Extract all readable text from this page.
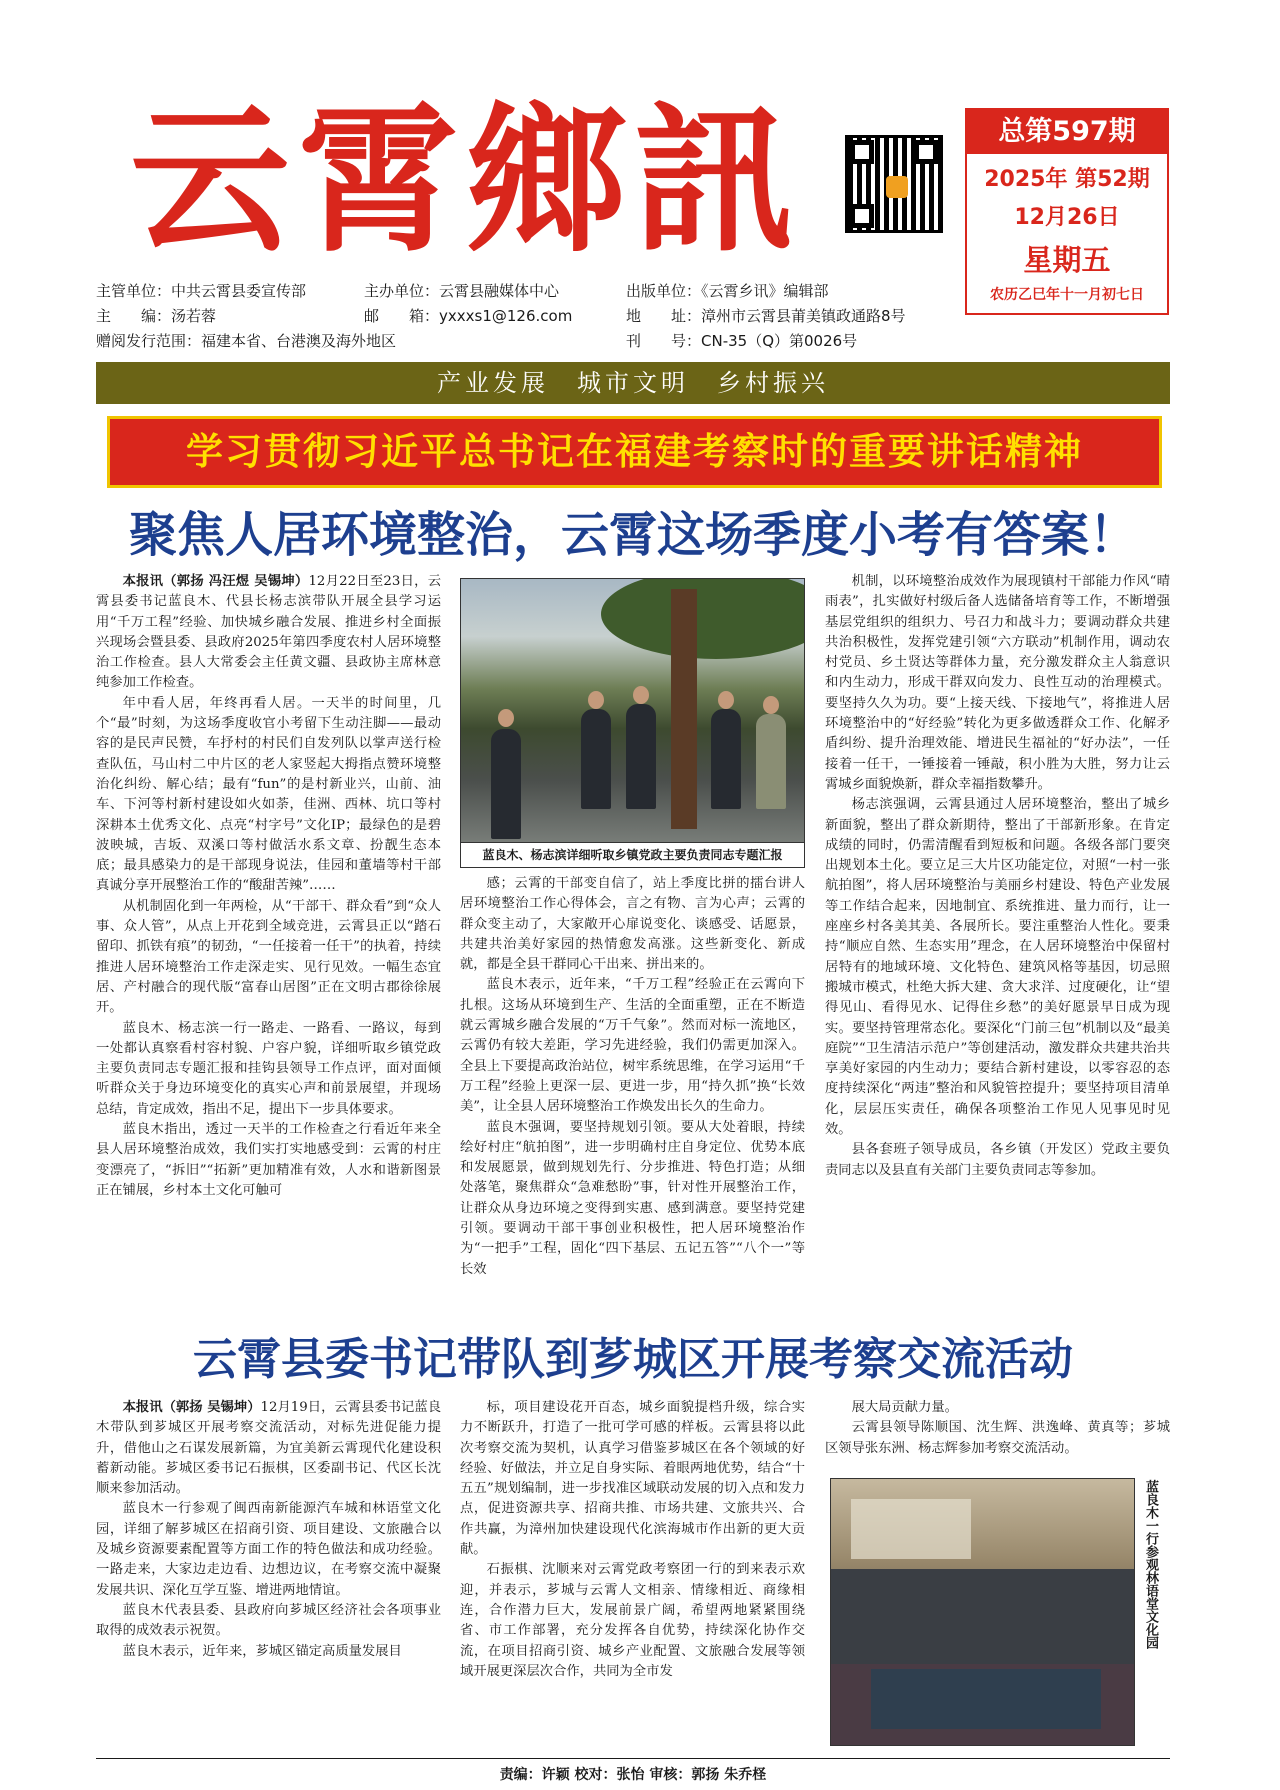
云霄鄉訊	总第597期
2025年 第52期
12月26日
星期五
农历乙巳年十一月初七日
主管单位：中共云霄县委宣传部	主办单位：云霄县融媒体中心	出版单位：《云霄乡讯》编辑部
主　　编：汤若蓉	邮　　箱：yxxxs1@126.com	地　　址：漳州市云霄县莆美镇政通路8号
赠阅发行范围：福建本省、台港澳及海外地区	刊　　号：CN-35（Q）第0026号
产业发展　城市文明　乡村振兴
学习贯彻习近平总书记在福建考察时的重要讲话精神
聚焦人居环境整治，云霄这场季度小考有答案！

本报讯（郭扬 冯汪煜 吴锡坤）12月22日至23日，云霄县委书记蓝良木、代县长杨志滨带队开展全县学习运用“千万工程”经验、加快城乡融合发展、推进乡村全面振兴现场会暨县委、县政府2025年第四季度农村人居环境整治工作检查。县人大常委会主任黄文疆、县政协主席林意纯参加工作检查。

年中看人居，年终再看人居。一天半的时间里，几个“最”时刻，为这场季度收官小考留下生动注脚——最动容的是民声民赞，车抒村的村民们自发列队以掌声送行检查队伍，马山村二中片区的老人家竖起大拇指点赞环境整治化纠纷、解心结；最有“fun”的是村新业兴，山前、油车、下河等村新村建设如火如荼，佳洲、西林、坑口等村深耕本土优秀文化、点亮“村字号”文化IP；最绿色的是碧波映城，吉坂、双溪口等村做活水系文章、扮靓生态本底；最具感染力的是干部现身说法，佳园和董墙等村干部真诚分享开展整治工作的“酸甜苦辣”……

从机制固化到一年两检，从“干部干、群众看”到“众人事、众人管”，从点上开花到全域竞进，云霄县正以“踏石留印、抓铁有痕”的韧劲，“一任接着一任干”的执着，持续推进人居环境整治工作走深走实、见行见效。一幅生态宜居、产村融合的现代版“富春山居图”正在文明古郡徐徐展开。

蓝良木、杨志滨一行一路走、一路看、一路议，每到一处都认真察看村容村貌、户容户貌，详细听取乡镇党政主要负责同志专题汇报和挂钩县领导工作点评，面对面倾听群众关于身边环境变化的真实心声和前景展望，并现场总结，肯定成效，指出不足，提出下一步具体要求。

蓝良木指出，透过一天半的工作检查之行看近年来全县人居环境整治成效，我们实打实地感受到：云霄的村庄变漂亮了，“拆旧”“拓新”更加精准有效，人水和谐新图景正在铺展，乡村本土文化可触可

蓝良木、杨志滨详细听取乡镇党政主要负责同志专题汇报

感；云霄的干部变自信了，站上季度比拼的擂台讲人居环境整治工作心得体会，言之有物、言为心声；云霄的群众变主动了，大家敞开心扉说变化、谈感受、话愿景，共建共治美好家园的热情愈发高涨。这些新变化、新成就，都是全县干群同心干出来、拼出来的。

蓝良木表示，近年来，“千万工程”经验正在云霄向下扎根。这场从环境到生产、生活的全面重塑，正在不断造就云霄城乡融合发展的“万千气象”。然而对标一流地区，云霄仍有较大差距，学习先进经验，我们仍需更加深入。全县上下要提高政治站位，树牢系统思维，在学习运用“千万工程”经验上更深一层、更进一步，用“持久抓”换“长效美”，让全县人居环境整治工作焕发出长久的生命力。

蓝良木强调，要坚持规划引领。要从大处着眼，持续绘好村庄“航拍图”，进一步明确村庄自身定位、优势本底和发展愿景，做到规划先行、分步推进、特色打造；从细处落笔，聚焦群众“急难愁盼”事，针对性开展整治工作，让群众从身边环境之变得到实惠、感到满意。要坚持党建引领。要调动干部干事创业积极性，把人居环境整治作为“一把手”工程，固化“四下基层、五记五答”“八个一”等长效

机制，以环境整治成效作为展现镇村干部能力作风“晴雨表”，扎实做好村级后备人选储备培育等工作，不断增强基层党组织的组织力、号召力和战斗力；要调动群众共建共治积极性，发挥党建引领“六方联动”机制作用，调动农村党员、乡土贤达等群体力量，充分激发群众主人翁意识和内生动力，形成干群双向发力、良性互动的治理模式。要坚持久久为功。要“上接天线、下接地气”，将推进人居环境整治中的“好经验”转化为更多做透群众工作、化解矛盾纠纷、提升治理效能、增进民生福祉的“好办法”，一任接着一任干，一锤接着一锤敲，积小胜为大胜，努力让云霄城乡面貌焕新，群众幸福指数攀升。

杨志滨强调，云霄县通过人居环境整治，整出了城乡新面貌，整出了群众新期待，整出了干部新形象。在肯定成绩的同时，仍需清醒看到短板和问题。各级各部门要突出规划本土化。要立足三大片区功能定位，对照“一村一张航拍图”，将人居环境整治与美丽乡村建设、特色产业发展等工作结合起来，因地制宜、系统推进、量力而行，让一座座乡村各美其美、各展所长。要注重整治人性化。要秉持“顺应自然、生态实用”理念，在人居环境整治中保留村居特有的地域环境、文化特色、建筑风格等基因，切忌照搬城市模式，杜绝大拆大建、贪大求洋、过度硬化，让“望得见山、看得见水、记得住乡愁”的美好愿景早日成为现实。要坚持管理常态化。要深化“门前三包”机制以及“最美庭院”“卫生清洁示范户”等创建活动，激发群众共建共治共享美好家园的内生动力；要结合新村建设，以零容忍的态度持续深化“两违”整治和风貌管控提升；要坚持项目清单化，层层压实责任，确保各项整治工作见人见事见时见效。

县各套班子领导成员，各乡镇（开发区）党政主要负责同志以及县直有关部门主要负责同志等参加。

云霄县委书记带队到芗城区开展考察交流活动

本报讯（郭扬 吴锡坤）12月19日，云霄县委书记蓝良木带队到芗城区开展考察交流活动，对标先进促能力提升，借他山之石谋发展新篇，为宜美新云霄现代化建设积蓄新动能。芗城区委书记石振棋，区委副书记、代区长沈顺来参加活动。

蓝良木一行参观了闽西南新能源汽车城和林语堂文化园，详细了解芗城区在招商引资、项目建设、文旅融合以及城乡资源要素配置等方面工作的特色做法和成功经验。一路走来，大家边走边看、边想边议，在考察交流中凝聚发展共识、深化互学互鉴、增进两地情谊。

蓝良木代表县委、县政府向芗城区经济社会各项事业取得的成效表示祝贺。

蓝良木表示，近年来，芗城区锚定高质量发展目

标，项目建设花开百态，城乡面貌提档升级，综合实力不断跃升，打造了一批可学可感的样板。云霄县将以此次考察交流为契机，认真学习借鉴芗城区在各个领域的好经验、好做法，并立足自身实际、着眼两地优势，结合“十五五”规划编制，进一步找准区域联动发展的切入点和发力点，促进资源共享、招商共推、市场共建、文旅共兴、合作共赢，为漳州加快建设现代化滨海城市作出新的更大贡献。

石振棋、沈顺来对云霄党政考察团一行的到来表示欢迎，并表示，芗城与云霄人文相亲、情缘相近、商缘相连，合作潜力巨大，发展前景广阔，希望两地紧紧围绕省、市工作部署，充分发挥各自优势，持续深化协作交流，在项目招商引资、城乡产业配置、文旅融合发展等领域开展更深层次合作，共同为全市发

展大局贡献力量。

云霄县领导陈顺国、沈生辉、洪逸峰、黄真等；芗城区领导张东洲、杨志辉参加考察交流活动。

蓝良木一行参观林语堂文化园
责编：许颖 校对：张怡 审核：郭扬 朱乔柽
